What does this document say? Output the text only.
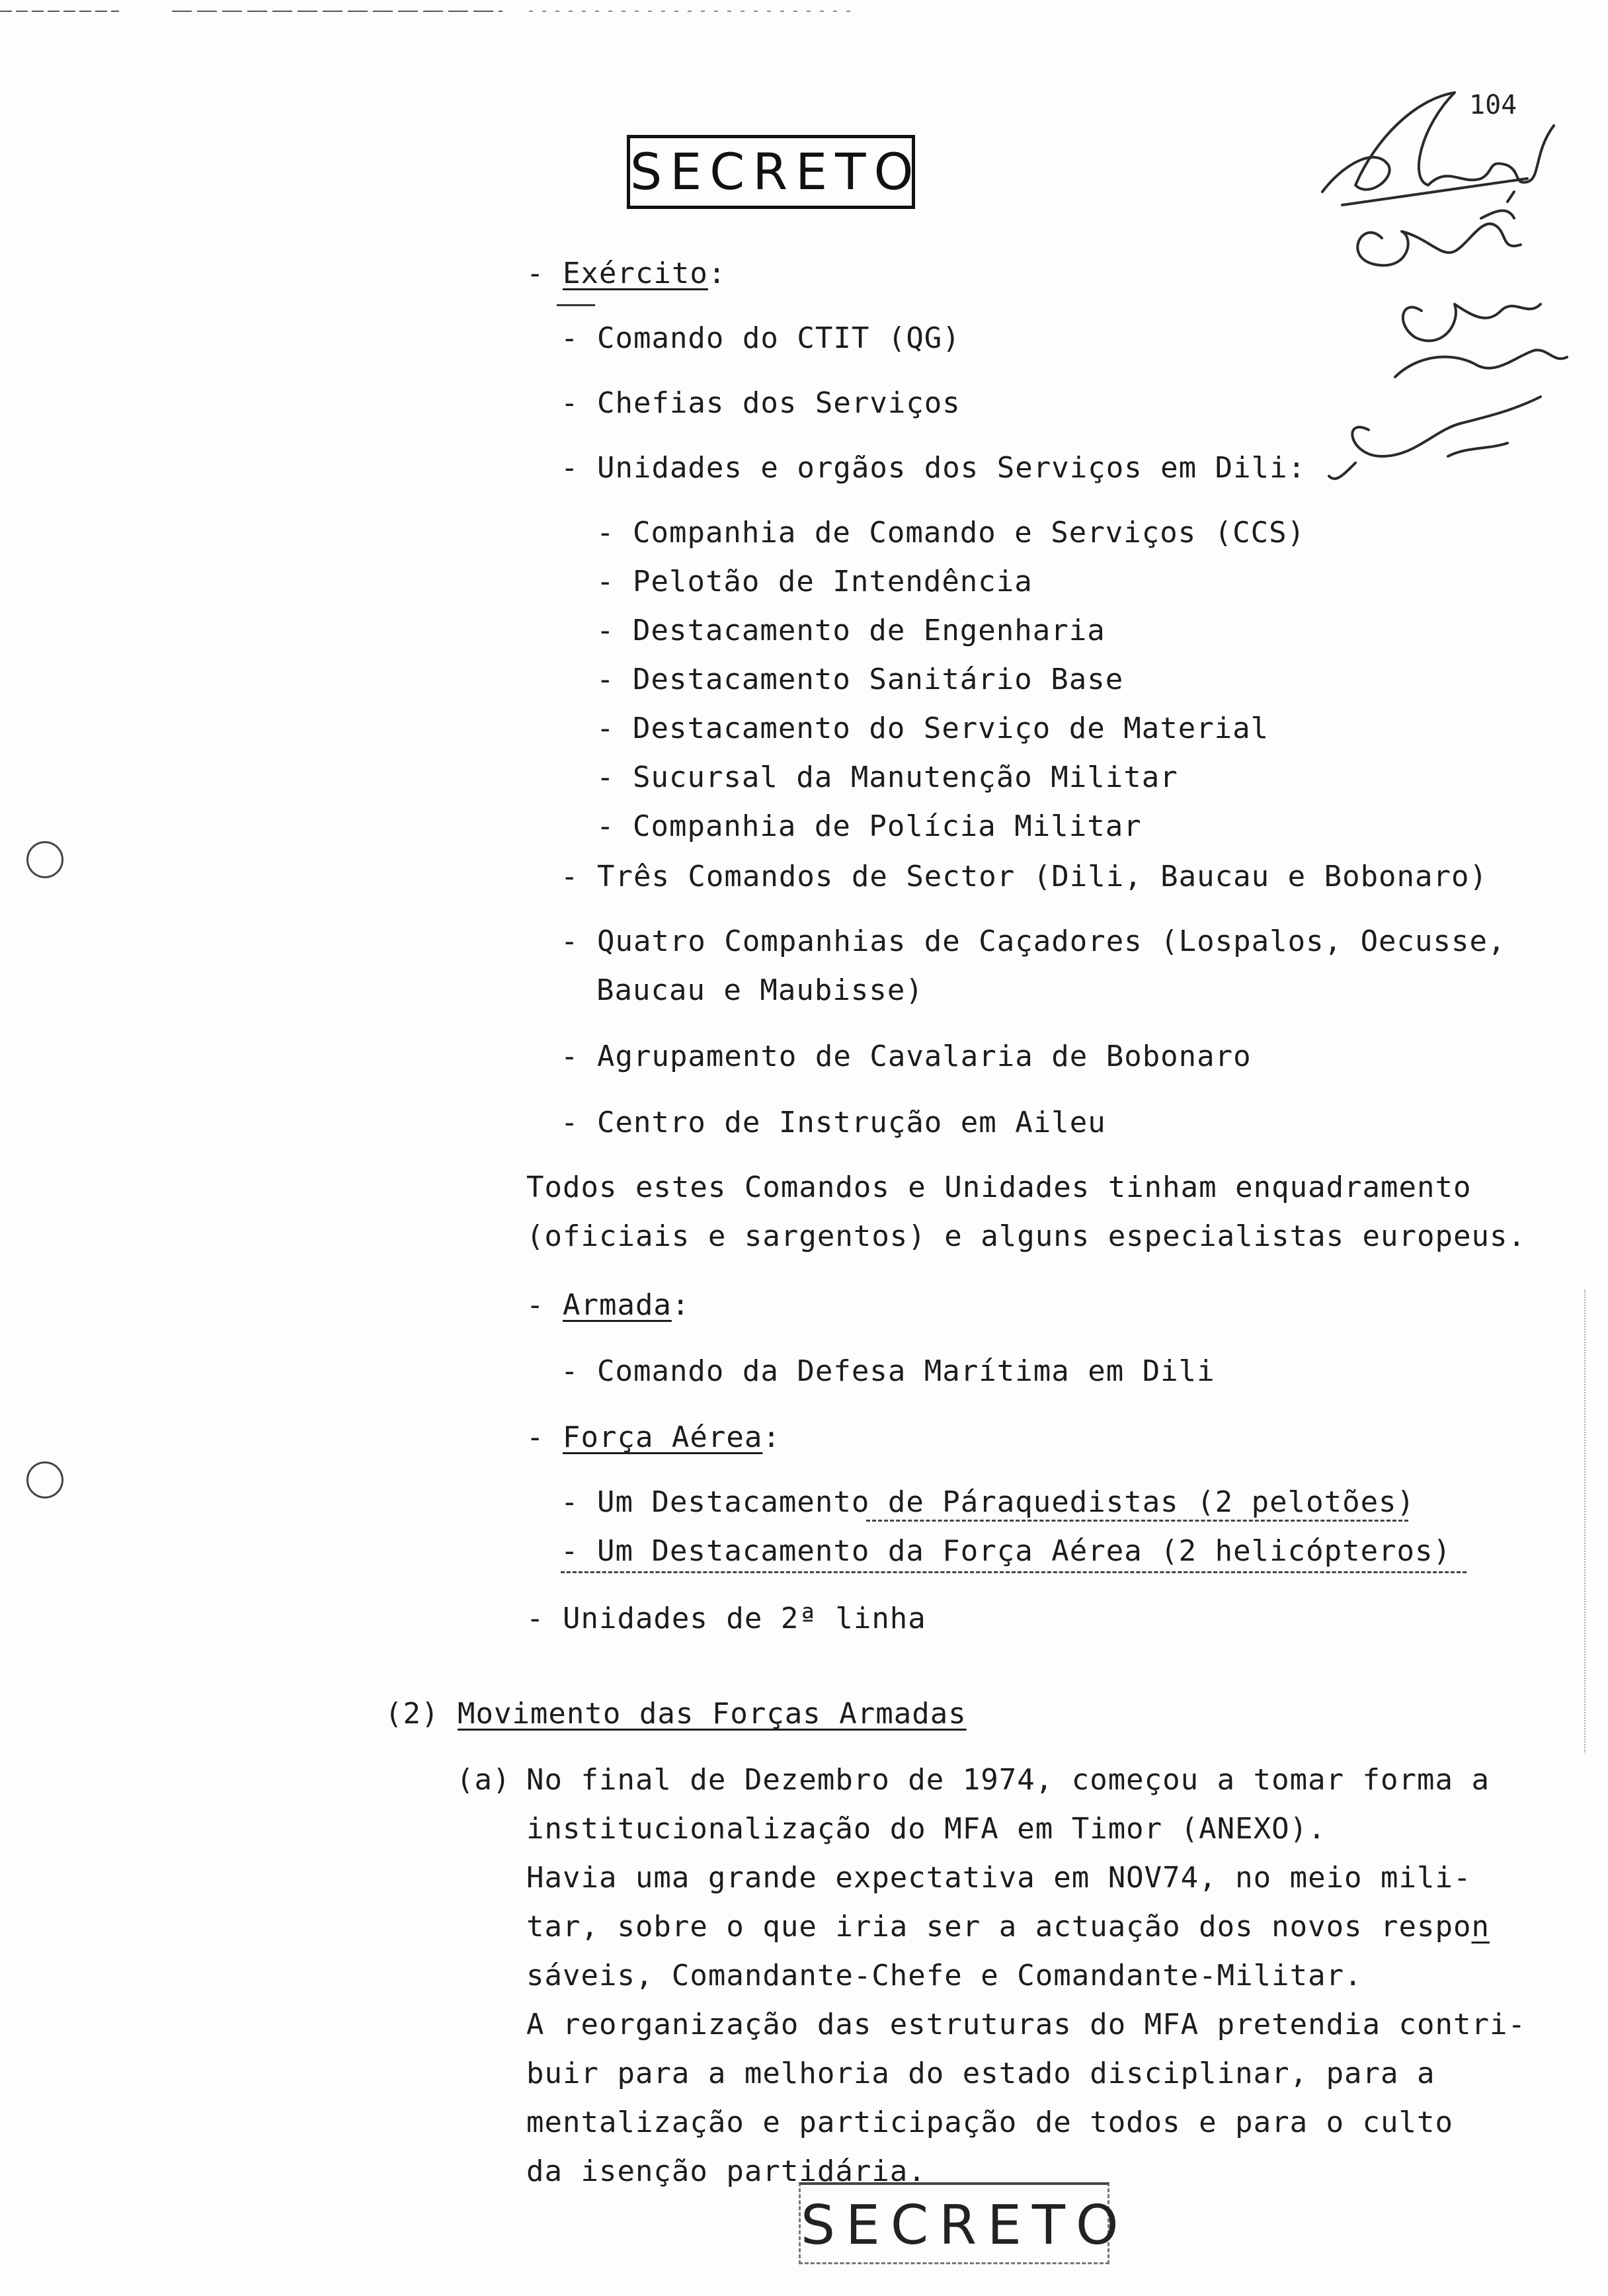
104
SECRETO
- Exército:
- Comando do CTIT (QG)
- Chefias dos Serviços
- Unidades e orgãos dos Serviços em Dili:
- Companhia de Comando e Serviços (CCS)
- Pelotão de Intendência
- Destacamento de Engenharia
- Destacamento Sanitário Base
- Destacamento do Serviço de Material
- Sucursal da Manutenção Militar
- Companhia de Polícia Militar
- Três Comandos de Sector (Dili, Baucau e Bobonaro)
- Quatro Companhias de Caçadores (Lospalos, Oecusse,
Baucau e Maubisse)
- Agrupamento de Cavalaria de Bobonaro
- Centro de Instrução em Aileu
Todos estes Comandos e Unidades tinham enquadramento
(oficiais e sargentos) e alguns especialistas europeus.
- Armada:
- Comando da Defesa Marítima em Dili
- Força Aérea:
- Um Destacamento de Páraquedistas (2 pelotões)
- Um Destacamento da Força Aérea (2 helicópteros)
- Unidades de 2ª linha
(2) Movimento das Forças Armadas
(a) No final de Dezembro de 1974, começou a tomar forma a
institucionalização do MFA em Timor (ANEXO).
Havia uma grande expectativa em NOV74, no meio mili-
tar, sobre o que iria ser a actuação dos novos respon
sáveis, Comandante-Chefe e Comandante-Militar.
A reorganização das estruturas do MFA pretendia contri-
buir para a melhoria do estado disciplinar, para a
mentalização e participação de todos e para o culto
da isenção partidária.
SECRETO
